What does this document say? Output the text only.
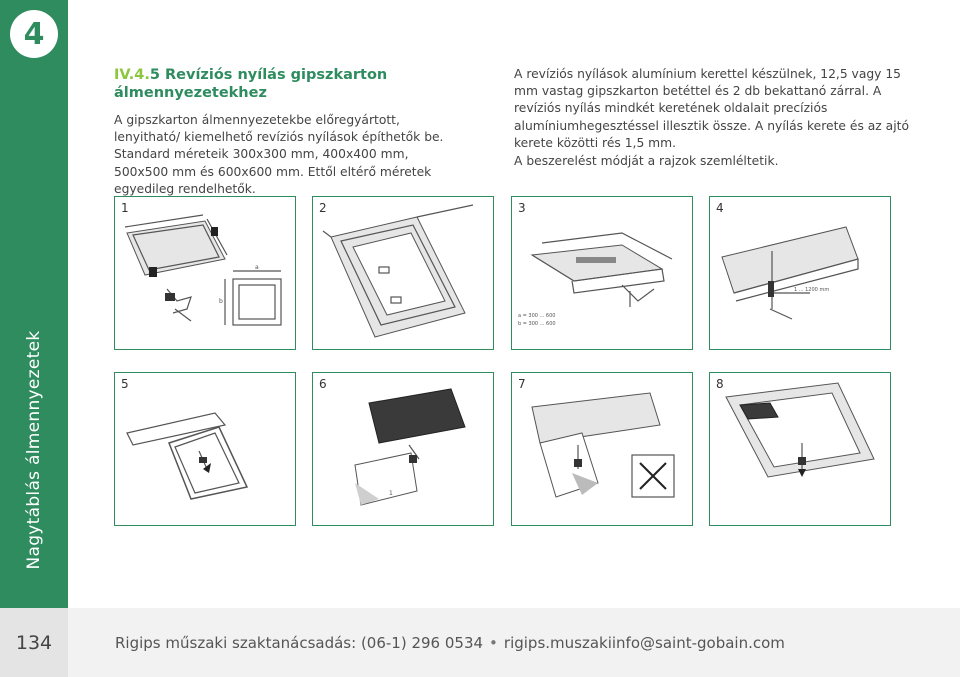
4
Nagytáblás álmennyezetek
IV.4.5 Revíziós nyílás gipszkarton álmennyezetekhez
A gipszkarton álmennyezetekbe előregyártott, lenyitható/ kiemelhető revíziós nyílások építhetők be. Standard méreteik 300x300 mm, 400x400 mm, 500x500 mm és 600x600 mm. Ettől eltérő méretek egyedileg rendelhetők.

A revíziós nyílások alumínium kerettel készülnek, 12,5 vagy 15 mm vastag gipszkarton betéttel és 2 db bekattanó zárral. A revíziós nyílás mindkét keretének oldalait precíziós alumíniumhegesztéssel illesztik össze. A nyílás kerete és az ajtó kerete közötti rés 1,5 mm.

A beszerelést módját a rajzok szemléltetik.

a
b
1	2
a = 300 ... 600
b = 300 ... 600
3
1 ... 1200 mm
4
5
1
6	7	8
134	Rigips műszaki szaktanácsadás: (06-1) 296 0534 • rigips.muszakiinfo@saint-gobain.com
